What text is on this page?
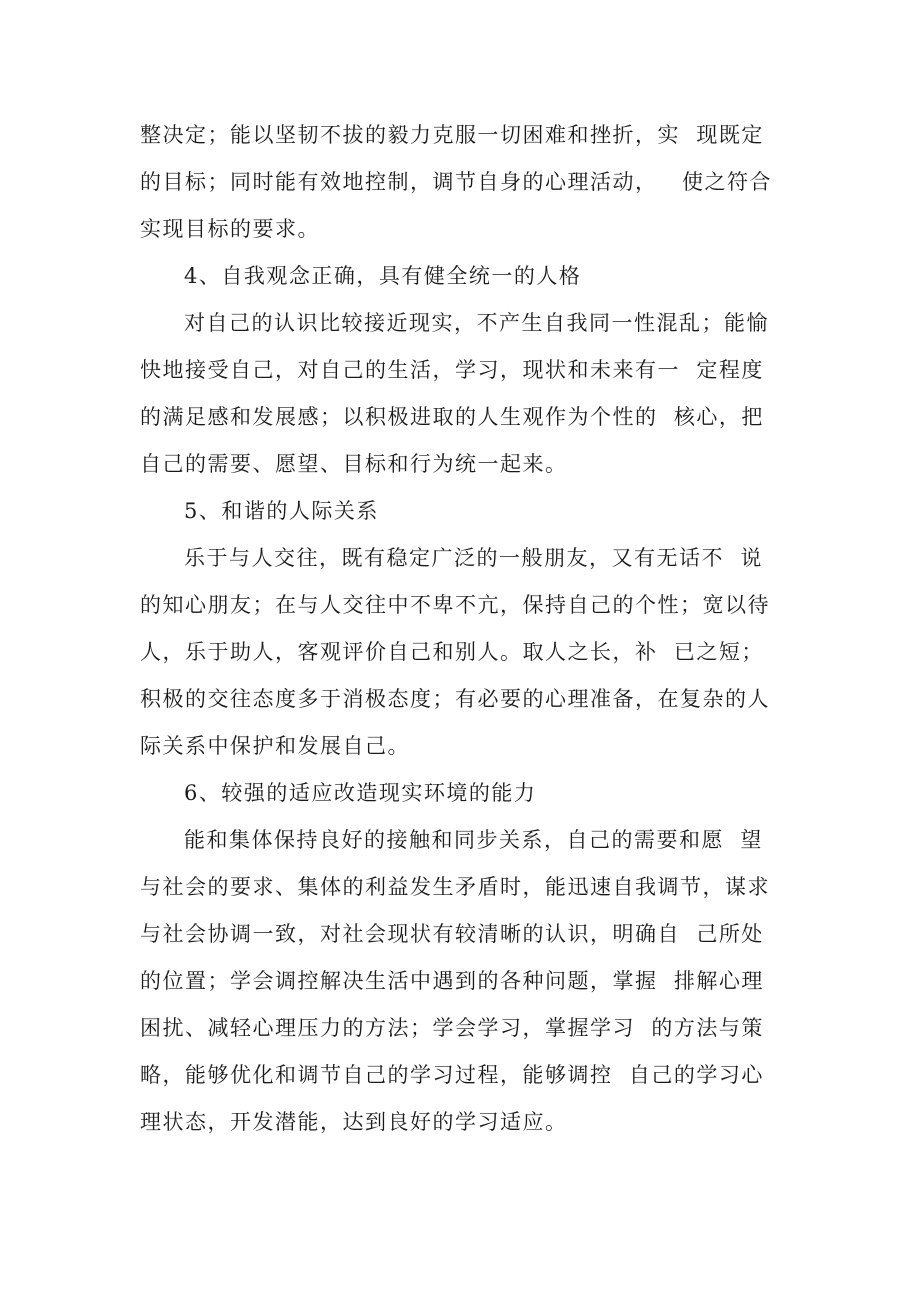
整决定；能以坚韧不拔的毅力克服一切困难和挫折，实  现既定
的目标；同时能有效地控制，调节自身的心理活动，   使之符合
实现目标的要求。
4、自我观念正确，具有健全统一的人格
对自己的认识比较接近现实，不产生自我同一性混乱；能愉
快地接受自己，对自己的生活，学习，现状和未来有一  定程度
的满足感和发展感；以积极进取的人生观作为个性的  核心，把
自己的需要、愿望、目标和行为统一起来。
5、和谐的人际关系
乐于与人交往，既有稳定广泛的一般朋友，又有无话不  说
的知心朋友；在与人交往中不卑不亢，保持自己的个性；宽以待
人，乐于助人，客观评价自己和别人。取人之长，补  已之短；
积极的交往态度多于消极态度；有必要的心理准备，在复杂的人
际关系中保护和发展自己。
6、较强的适应改造现实环境的能力
能和集体保持良好的接触和同步关系，自己的需要和愿  望
与社会的要求、集体的利益发生矛盾时，能迅速自我调节，谋求
与社会协调一致，对社会现状有较清晰的认识，明确自  己所处
的位置；学会调控解决生活中遇到的各种问题，掌握  排解心理
困扰、减轻心理压力的方法；学会学习，掌握学习  的方法与策
略，能够优化和调节自己的学习过程，能够调控  自己的学习心
理状态，开发潜能，达到良好的学习适应。
